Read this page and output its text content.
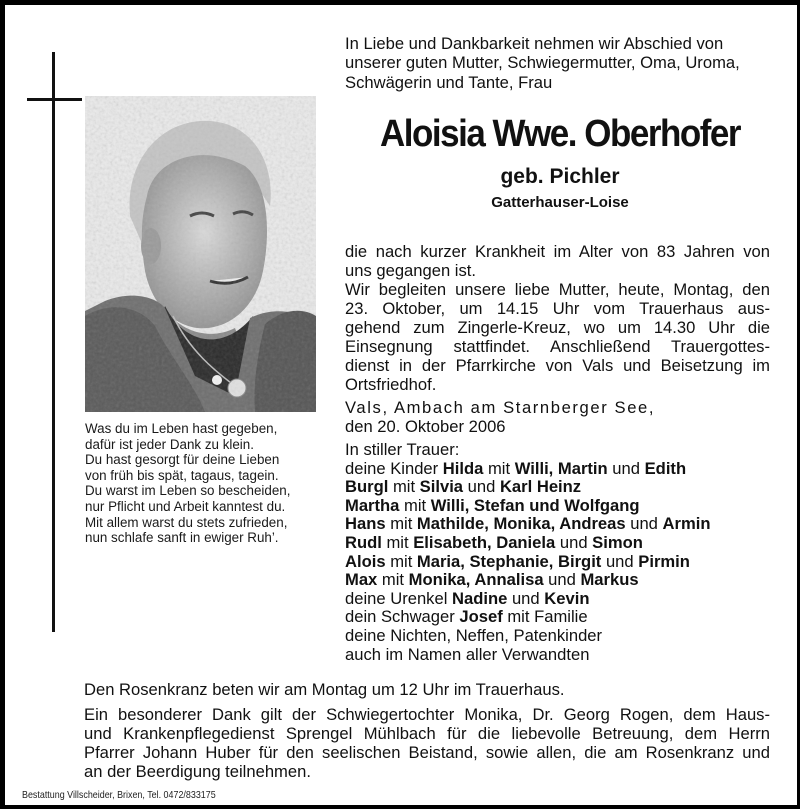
Was du im Leben hast gegeben,
dafür ist jeder Dank zu klein.
Du hast gesorgt für deine Lieben
von früh bis spät, tagaus, tagein.
Du warst im Leben so bescheiden,
nur Pflicht und Arbeit kanntest du.
Mit allem warst du stets zufrieden,
nun schlafe sanft in ewiger Ruh’.
In Liebe und Dankbarkeit nehmen wir Abschied von
unserer guten Mutter, Schwiegermutter, Oma, Uroma,
Schwägerin und Tante, Frau
Aloisia Wwe. Oberhofer
geb. Pichler
Gatterhauser-Loise
die nach kurzer Krankheit im Alter von 83 Jahren von
uns gegangen ist.
Wir begleiten unsere liebe Mutter, heute, Montag, den
23. Oktober, um 14.15 Uhr vom Trauerhaus aus-
gehend zum Zingerle-Kreuz, wo um 14.30 Uhr die
Einsegnung stattfindet. Anschließend Trauergottes-
dienst in der Pfarrkirche von Vals und Beisetzung im
Ortsfriedhof.
Vals, Ambach am Starnberger See,
den 20. Oktober 2006
In stiller Trauer:
deine Kinder Hilda mit Willi, Martin und Edith
Burgl mit Silvia und Karl Heinz
Martha mit Willi, Stefan und Wolfgang
Hans mit Mathilde, Monika, Andreas und Armin
Rudl mit Elisabeth, Daniela und Simon
Alois mit Maria, Stephanie, Birgit und Pirmin
Max mit Monika, Annalisa und Markus
deine Urenkel Nadine und Kevin
dein Schwager Josef mit Familie
deine Nichten, Neffen, Patenkinder
auch im Namen aller Verwandten
Den Rosenkranz beten wir am Montag um 12 Uhr im Trauerhaus.
Ein besonderer Dank gilt der Schwiegertochter Monika, Dr. Georg Rogen, dem Haus-
und Krankenpflegedienst Sprengel Mühlbach für die liebevolle Betreuung, dem Herrn
Pfarrer Johann Huber für den seelischen Beistand, sowie allen, die am Rosenkranz und
an der Beerdigung teilnehmen.
Bestattung Villscheider, Brixen, Tel. 0472/833175
